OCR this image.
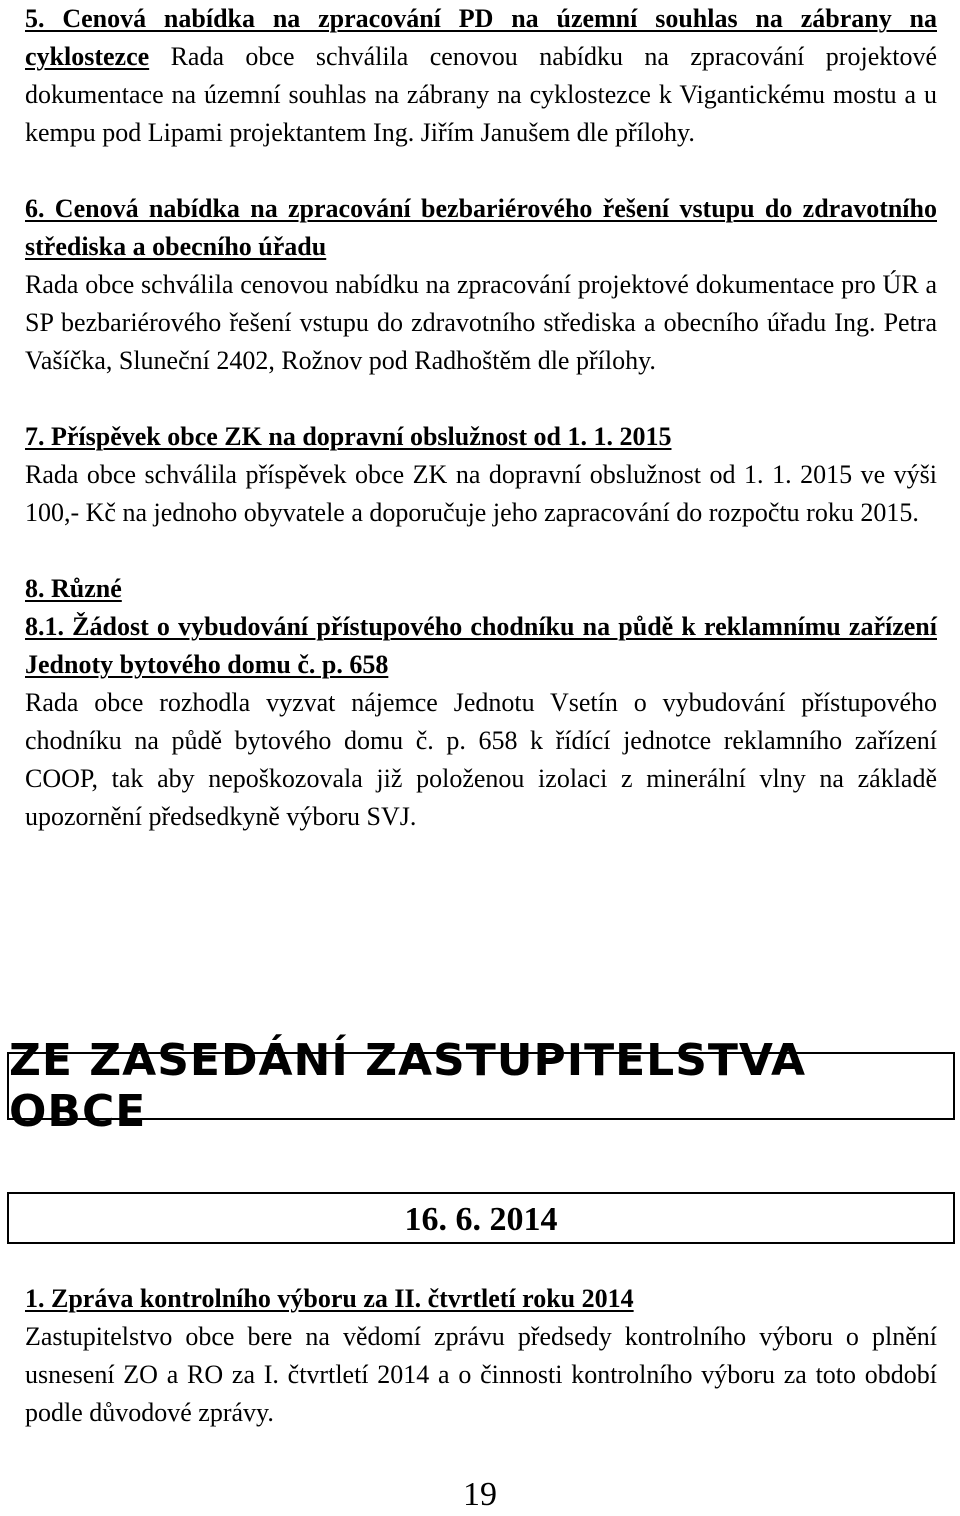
5. Cenová nabídka na zpracování PD na územní souhlas na zábrany na cyklostezce Rada obce schválila cenovou nabídku na zpracování projektové dokumentace na územní souhlas na zábrany na cyklostezce k Vigantickému mostu a u kempu pod Lipami projektantem Ing. Jiřím Janušem dle přílohy.

6. Cenová nabídka na zpracování bezbariérového řešení vstupu do zdravotního střediska a obecního úřadu

Rada obce schválila cenovou nabídku na zpracování projektové dokumentace pro ÚR a SP bezbariérového řešení vstupu do zdravotního střediska a obecního úřadu Ing. Petra Vašíčka, Sluneční 2402, Rožnov pod Radhoštěm dle přílohy.

7. Příspěvek obce ZK na dopravní obslužnost od 1. 1. 2015

Rada obce schválila příspěvek obce ZK na dopravní obslužnost od 1. 1. 2015 ve výši 100,- Kč na jednoho obyvatele a doporučuje jeho zapracování do rozpočtu roku 2015.

8. Různé

8.1. Žádost o vybudování přístupového chodníku na půdě k reklamnímu zařízení Jednoty bytového domu č. p. 658

Rada obce rozhodla vyzvat nájemce Jednotu Vsetín o vybudování přístupového chodníku na půdě bytového domu č. p. 658 k řídící jednotce reklamního zařízení COOP, tak aby nepoškozovala již položenou izolaci z minerální vlny na základě upozornění předsedkyně výboru SVJ.

ZE ZASEDÁNÍ ZASTUPITELSTVA OBCE
16. 6. 2014

1. Zpráva kontrolního výboru za II. čtvrtletí roku 2014

Zastupitelstvo obce bere na vědomí zprávu předsedy kontrolního výboru o plnění usnesení ZO a RO za I. čtvrtletí 2014 a o činnosti kontrolního výboru za toto období podle důvodové zprávy.

19
